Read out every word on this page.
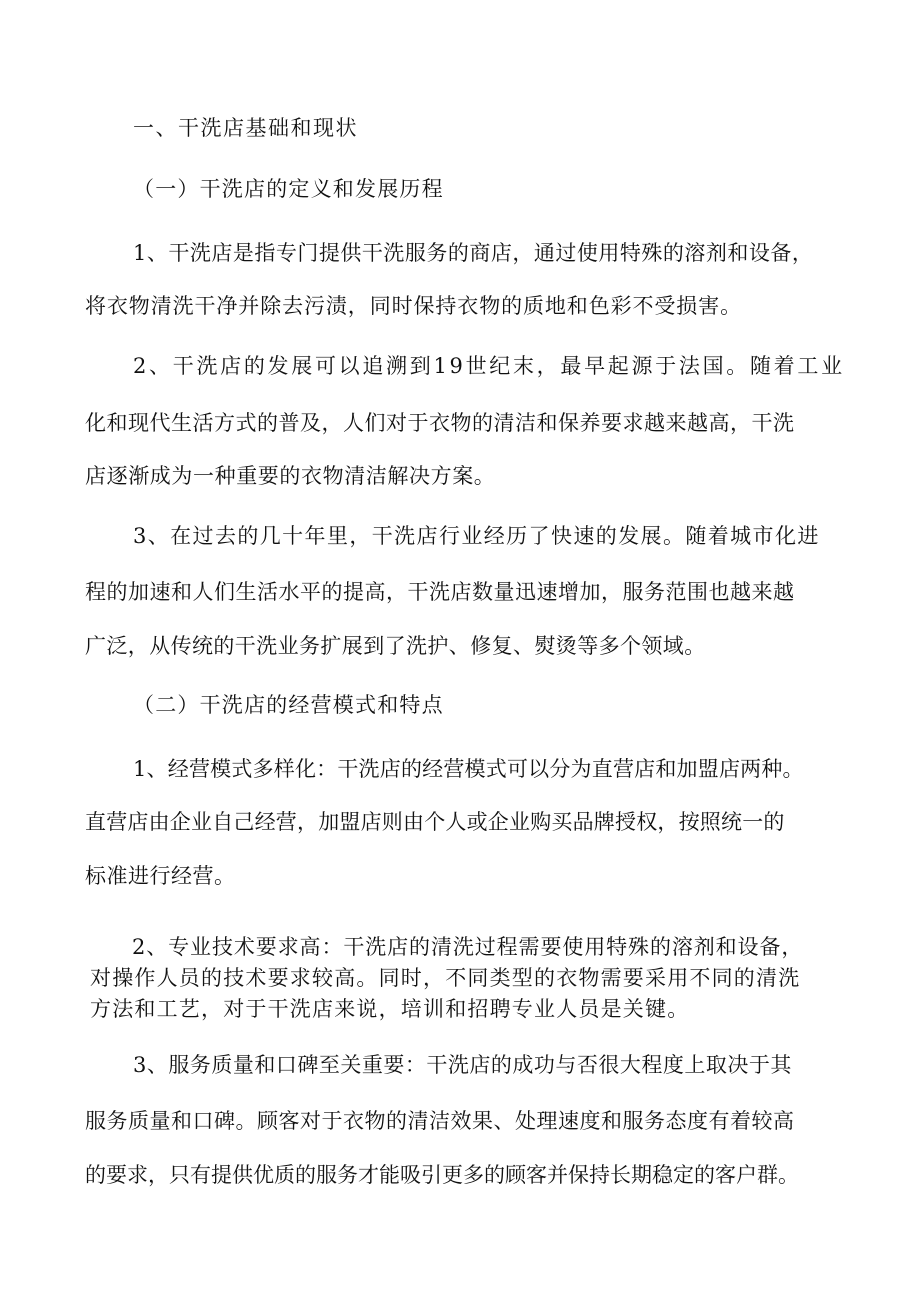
一、干洗店基础和现状

（一）干洗店的定义和发展历程

1、干洗店是指专门提供干洗服务的商店，通过使用特殊的溶剂和设备，

将衣物清洗干净并除去污渍，同时保持衣物的质地和色彩不受损害。

2、干洗店的发展可以追溯到19世纪末，最早起源于法国。随着工业

化和现代生活方式的普及，人们对于衣物的清洁和保养要求越来越高，干洗

店逐渐成为一种重要的衣物清洁解决方案。

3、在过去的几十年里，干洗店行业经历了快速的发展。随着城市化进

程的加速和人们生活水平的提高，干洗店数量迅速增加，服务范围也越来越

广泛，从传统的干洗业务扩展到了洗护、修复、熨烫等多个领域。

（二）干洗店的经营模式和特点

1、经营模式多样化：干洗店的经营模式可以分为直营店和加盟店两种。

直营店由企业自己经营，加盟店则由个人或企业购买品牌授权，按照统一的

标准进行经营。

2、专业技术要求高：干洗店的清洗过程需要使用特殊的溶剂和设备，
对操作人员的技术要求较高。同时，不同类型的衣物需要采用不同的清洗
方法和工艺，对于干洗店来说，培训和招聘专业人员是关键。

3、服务质量和口碑至关重要：干洗店的成功与否很大程度上取决于其

服务质量和口碑。顾客对于衣物的清洁效果、处理速度和服务态度有着较高

的要求，只有提供优质的服务才能吸引更多的顾客并保持长期稳定的客户群。
